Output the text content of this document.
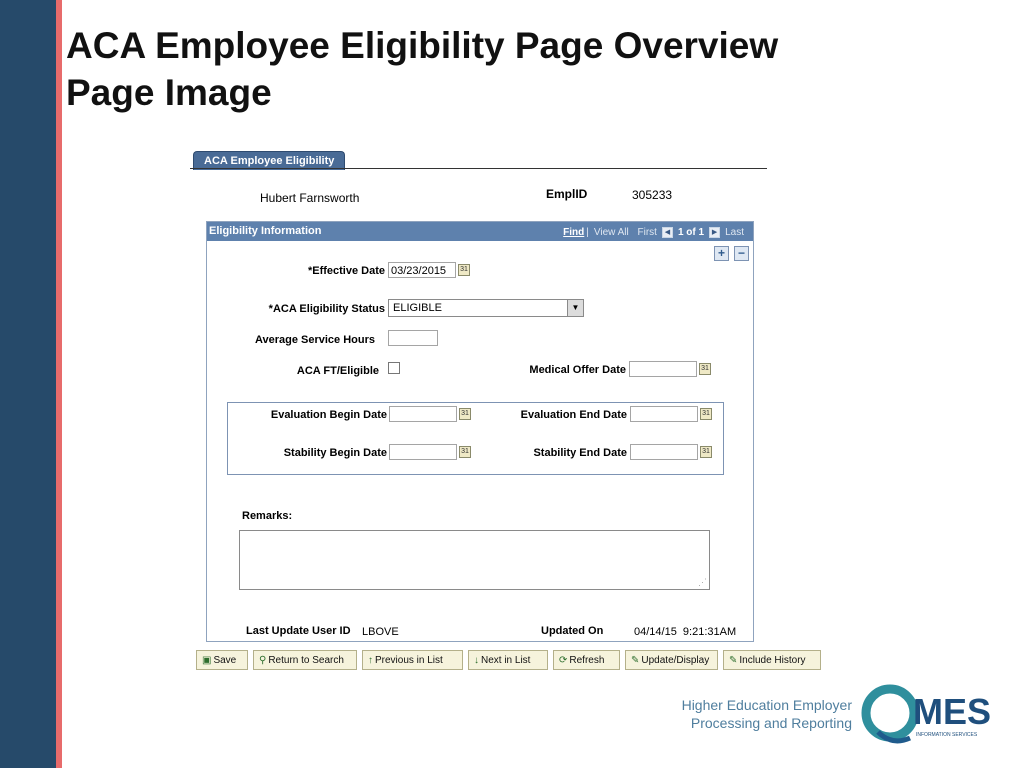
ACA Employee Eligibility Page Overview
Page Image
ACA Employee Eligibility
Hubert Farnsworth	EmplID	305233
Eligibility Information	Find | View All First ◀ 1 of 1 ▶ Last
+	−
*Effective Date 03/23/2015	31
*ACA Eligibility Status ELIGIBLE	▼
Average Service Hours
ACA FT/Eligible	Medical Offer Date	31
Evaluation Begin Date	31	Evaluation End Date	31
Stability Begin Date	31	Stability End Date	31
Remarks:
⋰
Last Update User ID LBOVE	Updated On	04/14/15  9:21:31AM
▣ Save	⚲ Return to Search	↑ Previous in List	↓ Next in List	⟳ Refresh	✎ Update/Display	✎ Include History
Higher Education Employer
Processing and Reporting MES
INFORMATION SERVICES
